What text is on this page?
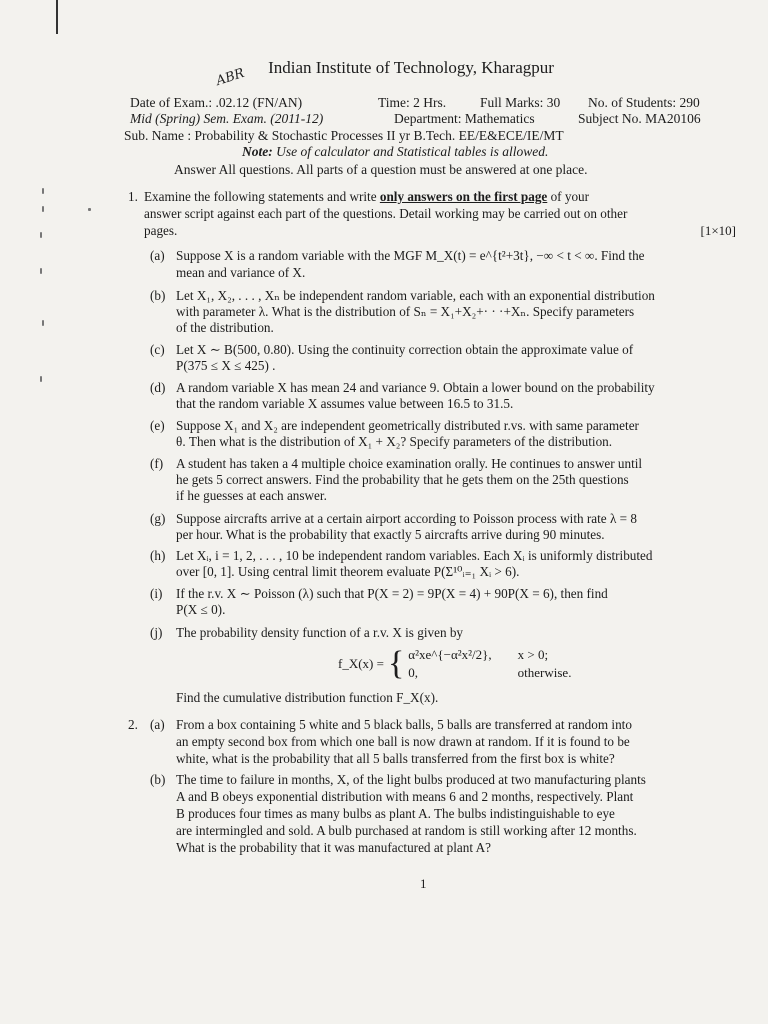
ABR	Indian Institute of Technology, Kharagpur
Date of Exam.: .02.12 (FN/AN)	Time: 2 Hrs.	Full Marks: 30 No. of Students: 290
Mid (Spring) Sem. Exam. (2011-12)	Department: Mathematics	Subject No. MA20106
Sub. Name : Probability & Stochastic Processes II yr B.Tech. EE/E&ECE/IE/MT
Note: Use of calculator and Statistical tables is allowed.
Answer All questions. All parts of a question must be answered at one place.
1. Examine the following statements and write only answers on the first page of your
answer script against each part of the questions. Detail working may be carried out on other
pages.	[1×10]
(a) Suppose X is a random variable with the MGF M_X(t) = e^{t²+3t}, −∞ < t < ∞. Find the
mean and variance of X.
(b) Let X₁, X₂, . . . , Xₙ be independent random variable, each with an exponential distribution
with parameter λ. What is the distribution of Sₙ = X₁+X₂+· · ·+Xₙ. Specify parameters
of the distribution.
(c) Let X ∼ B(500, 0.80). Using the continuity correction obtain the approximate value of
P(375 ≤ X ≤ 425) .
(d) A random variable X has mean 24 and variance 9. Obtain a lower bound on the probability
that the random variable X assumes value between 16.5 to 31.5.
(e) Suppose X₁ and X₂ are independent geometrically distributed r.vs. with same parameter
θ. Then what is the distribution of X₁ + X₂? Specify parameters of the distribution.
(f) A student has taken a 4 multiple choice examination orally. He continues to answer until
he gets 5 correct answers. Find the probability that he gets them on the 25th questions
if he guesses at each answer.
(g) Suppose aircrafts arrive at a certain airport according to Poisson process with rate λ = 8
per hour. What is the probability that exactly 5 aircrafts arrive during 90 minutes.
(h) Let Xᵢ, i = 1, 2, . . . , 10 be independent random variables. Each Xᵢ is uniformly distributed
over [0, 1]. Using central limit theorem evaluate P(Σ¹⁰ᵢ₌₁ Xᵢ > 6).
(i) If the r.v. X ∼ Poisson (λ) such that P(X = 2) = 9P(X = 4) + 90P(X = 6), then find
P(X ≤ 0).
(j) The probability density function of a r.v. X is given by
f_X(x) = { α²xe^{−α²x²/2}, x > 0;
0,	otherwise.
Find the cumulative distribution function F_X(x).
2. (a) From a box containing 5 white and 5 black balls, 5 balls are transferred at random into
an empty second box from which one ball is now drawn at random. If it is found to be
white, what is the probability that all 5 balls transferred from the first box is white?
(b) The time to failure in months, X, of the light bulbs produced at two manufacturing plants
A and B obeys exponential distribution with means 6 and 2 months, respectively. Plant
B produces four times as many bulbs as plant A. The bulbs indistinguishable to eye
are intermingled and sold. A bulb purchased at random is still working after 12 months.
What is the probability that it was manufactured at plant A?
1
